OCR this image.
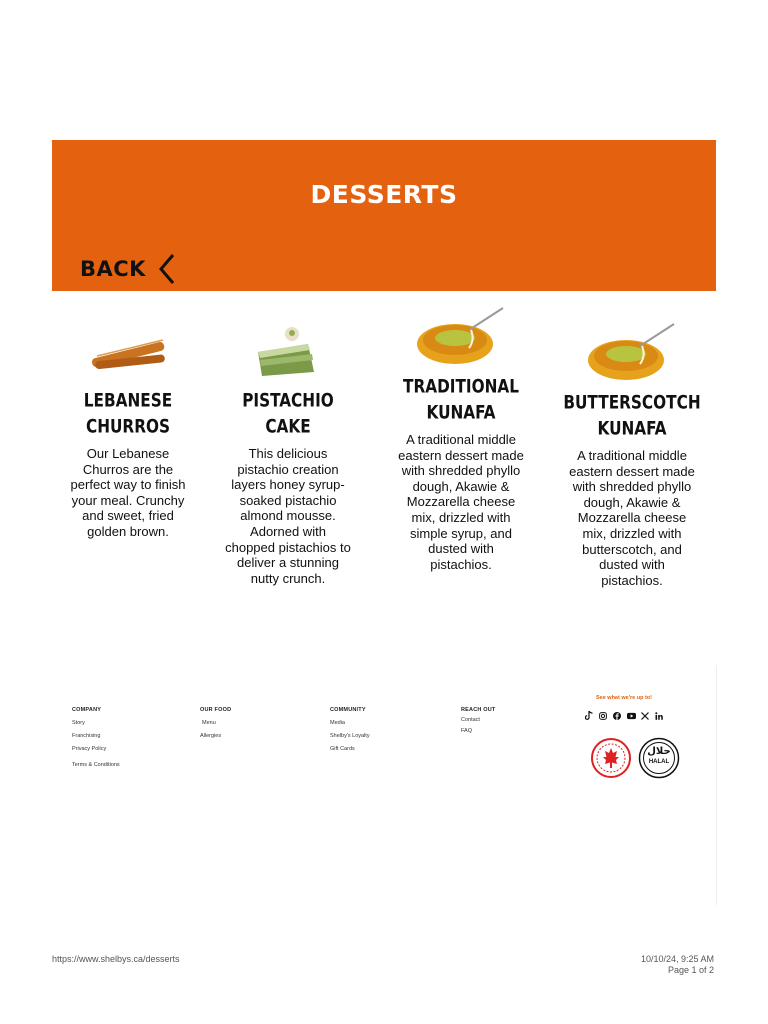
DESSERTS
BACK
LEBANESE
CHURROS
Our Lebanese Churros are the perfect way to finish your meal. Crunchy and sweet, fried golden brown.
PISTACHIO CAKE
This delicious pistachio creation layers honey syrup-soaked pistachio almond mousse. Adorned with chopped pistachios to deliver a stunning nutty crunch.
TRADITIONAL
KUNAFA
A traditional middle eastern dessert made with shredded phyllo dough, Akawie & Mozzarella cheese mix, drizzled with simple syrup, and dusted with pistachios.
BUTTERSCOTCH
KUNAFA
A traditional middle eastern dessert made with shredded phyllo dough, Akawie & Mozzarella cheese mix, drizzled with butterscotch, and dusted with pistachios.
COMPANY
Story
Franchising
Privacy Policy
Terms & Conditions
OUR FOOD
Menu
Allergies
COMMUNITY
Media
Shelby's Loyalty
Gift Cards
REACH OUT
Contact
FAQ
See what we're up to!
حلال
HALAL
https://www.shelbys.ca/desserts	10/10/24, 9:25 AM
Page 1 of 2
